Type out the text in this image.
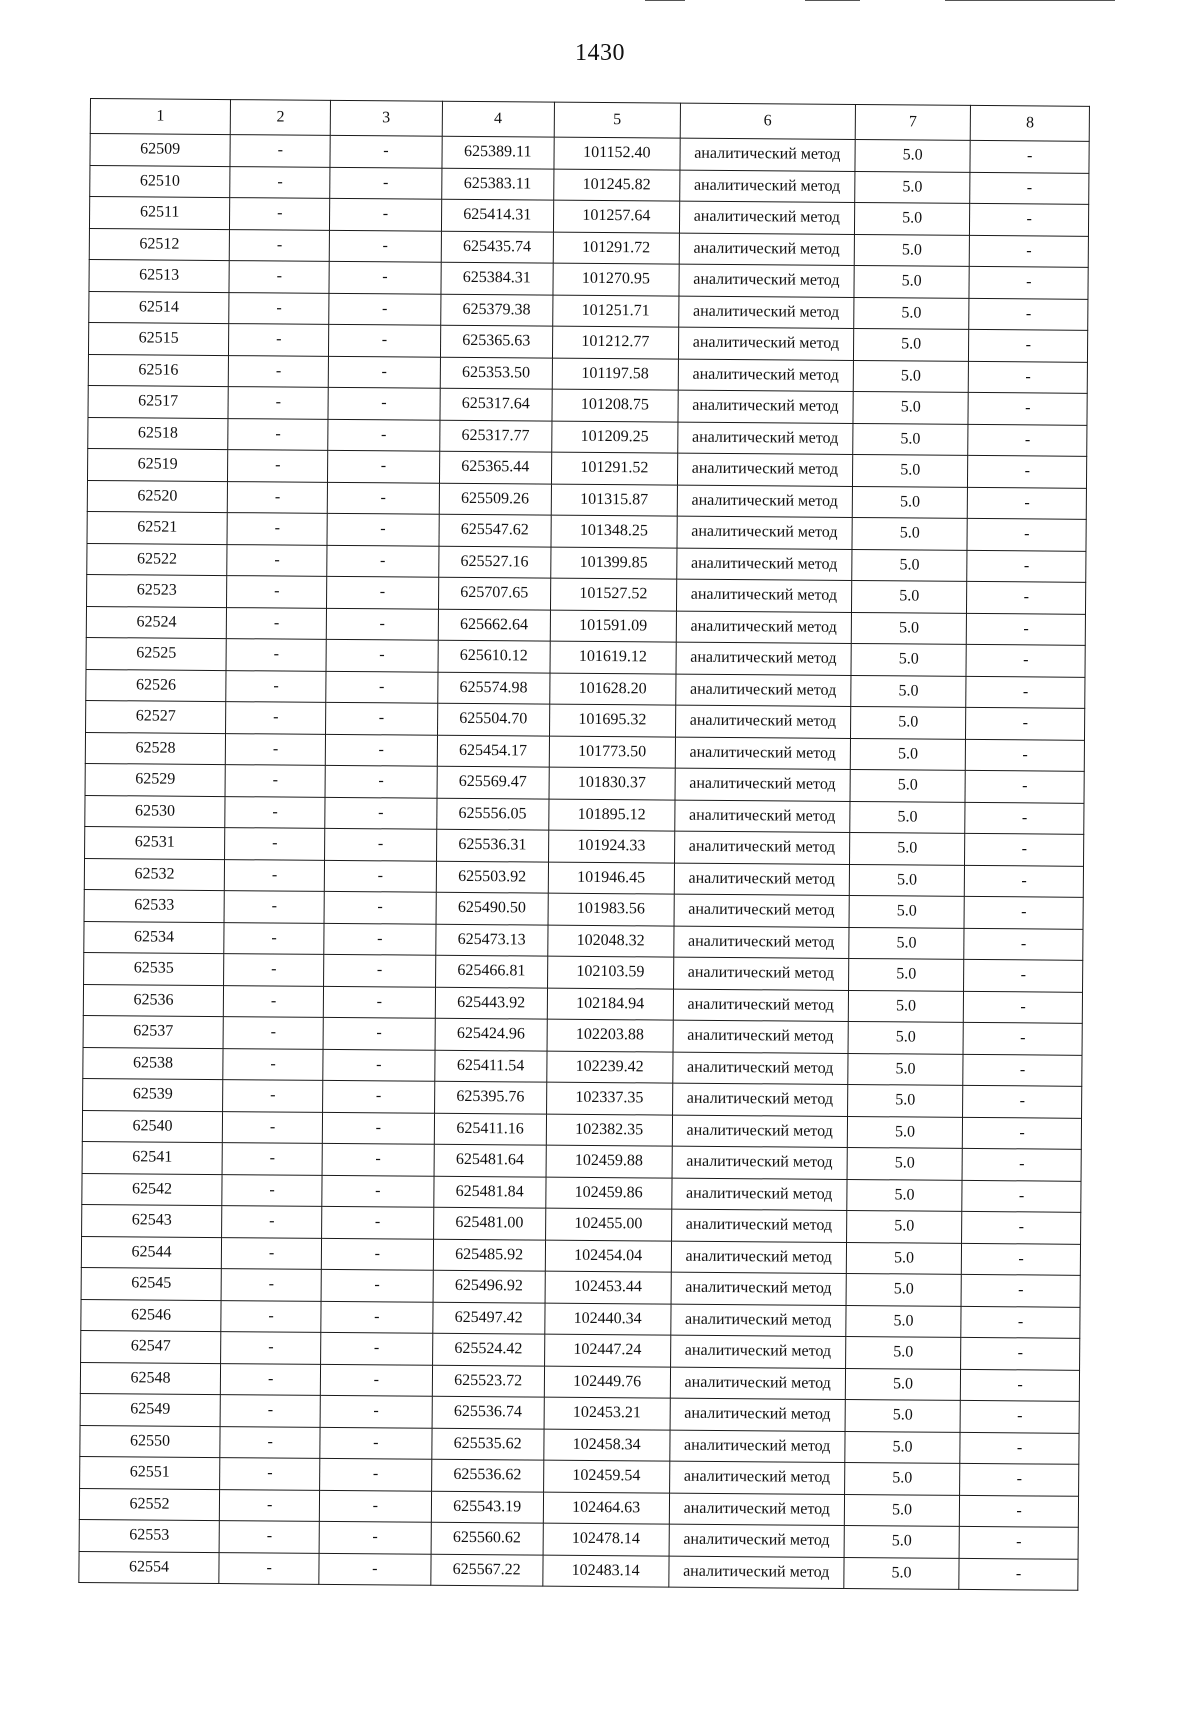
1430
1	2	3	4	5	6	7	8
62509	-	-	625389.11	101152.40	аналитический метод	5.0	-
62510	-	-	625383.11	101245.82	аналитический метод	5.0	-
62511	-	-	625414.31	101257.64	аналитический метод	5.0	-
62512	-	-	625435.74	101291.72	аналитический метод	5.0	-
62513	-	-	625384.31	101270.95	аналитический метод	5.0	-
62514	-	-	625379.38	101251.71	аналитический метод	5.0	-
62515	-	-	625365.63	101212.77	аналитический метод	5.0	-
62516	-	-	625353.50	101197.58	аналитический метод	5.0	-
62517	-	-	625317.64	101208.75	аналитический метод	5.0	-
62518	-	-	625317.77	101209.25	аналитический метод	5.0	-
62519	-	-	625365.44	101291.52	аналитический метод	5.0	-
62520	-	-	625509.26	101315.87	аналитический метод	5.0	-
62521	-	-	625547.62	101348.25	аналитический метод	5.0	-
62522	-	-	625527.16	101399.85	аналитический метод	5.0	-
62523	-	-	625707.65	101527.52	аналитический метод	5.0	-
62524	-	-	625662.64	101591.09	аналитический метод	5.0	-
62525	-	-	625610.12	101619.12	аналитический метод	5.0	-
62526	-	-	625574.98	101628.20	аналитический метод	5.0	-
62527	-	-	625504.70	101695.32	аналитический метод	5.0	-
62528	-	-	625454.17	101773.50	аналитический метод	5.0	-
62529	-	-	625569.47	101830.37	аналитический метод	5.0	-
62530	-	-	625556.05	101895.12	аналитический метод	5.0	-
62531	-	-	625536.31	101924.33	аналитический метод	5.0	-
62532	-	-	625503.92	101946.45	аналитический метод	5.0	-
62533	-	-	625490.50	101983.56	аналитический метод	5.0	-
62534	-	-	625473.13	102048.32	аналитический метод	5.0	-
62535	-	-	625466.81	102103.59	аналитический метод	5.0	-
62536	-	-	625443.92	102184.94	аналитический метод	5.0	-
62537	-	-	625424.96	102203.88	аналитический метод	5.0	-
62538	-	-	625411.54	102239.42	аналитический метод	5.0	-
62539	-	-	625395.76	102337.35	аналитический метод	5.0	-
62540	-	-	625411.16	102382.35	аналитический метод	5.0	-
62541	-	-	625481.64	102459.88	аналитический метод	5.0	-
62542	-	-	625481.84	102459.86	аналитический метод	5.0	-
62543	-	-	625481.00	102455.00	аналитический метод	5.0	-
62544	-	-	625485.92	102454.04	аналитический метод	5.0	-
62545	-	-	625496.92	102453.44	аналитический метод	5.0	-
62546	-	-	625497.42	102440.34	аналитический метод	5.0	-
62547	-	-	625524.42	102447.24	аналитический метод	5.0	-
62548	-	-	625523.72	102449.76	аналитический метод	5.0	-
62549	-	-	625536.74	102453.21	аналитический метод	5.0	-
62550	-	-	625535.62	102458.34	аналитический метод	5.0	-
62551	-	-	625536.62	102459.54	аналитический метод	5.0	-
62552	-	-	625543.19	102464.63	аналитический метод	5.0	-
62553	-	-	625560.62	102478.14	аналитический метод	5.0	-
62554	-	-	625567.22	102483.14	аналитический метод	5.0	-
